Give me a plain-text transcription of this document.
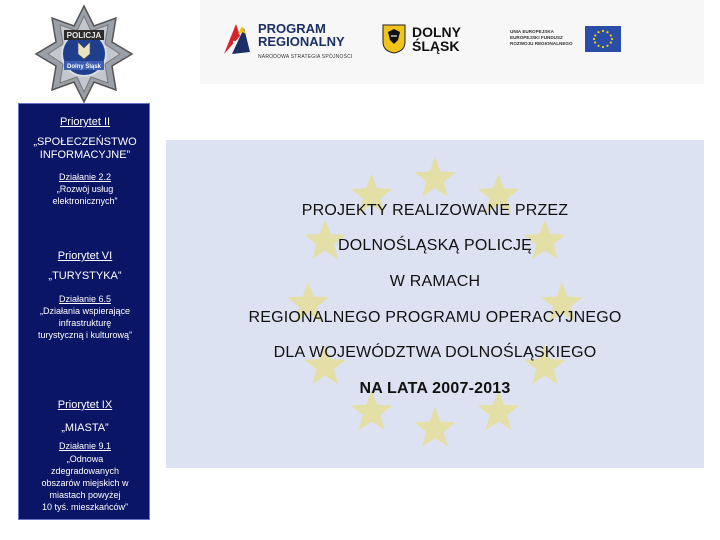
POLICJA
Dolny Śląsk
PROGRAM
REGIONALNY
NARODOWA STRATEGIA SPÓJNOŚCI
DOLNY
ŚLĄSK
UNIA EUROPEJSKA
EUROPEJSKI FUNDUSZ
ROZWOJU REGIONALNEGO
Priorytet II
„SPOŁECZEŃSTWO
INFORMACYJNE”
Działanie 2.2
„Rozwój usług
elektronicznych”
Priorytet VI
„TURYSTYKA”
Działanie 6.5
„Działania wspierające
infrastrukturę
turystyczną i kulturową”
Priorytet IX
„MIASTA”
Działanie 9.1
„Odnowa
zdegradowanych
obszarów miejskich w
miastach powyżej
10 tyś. mieszkańców”
PROJEKTY REALIZOWANE PRZEZ
DOLNOŚLĄSKĄ POLICJĘ
W RAMACH
REGIONALNEGO PROGRAMU OPERACYJNEGO
DLA WOJEWÓDZTWA DOLNOŚLĄSKIEGO
NA LATA 2007-2013
